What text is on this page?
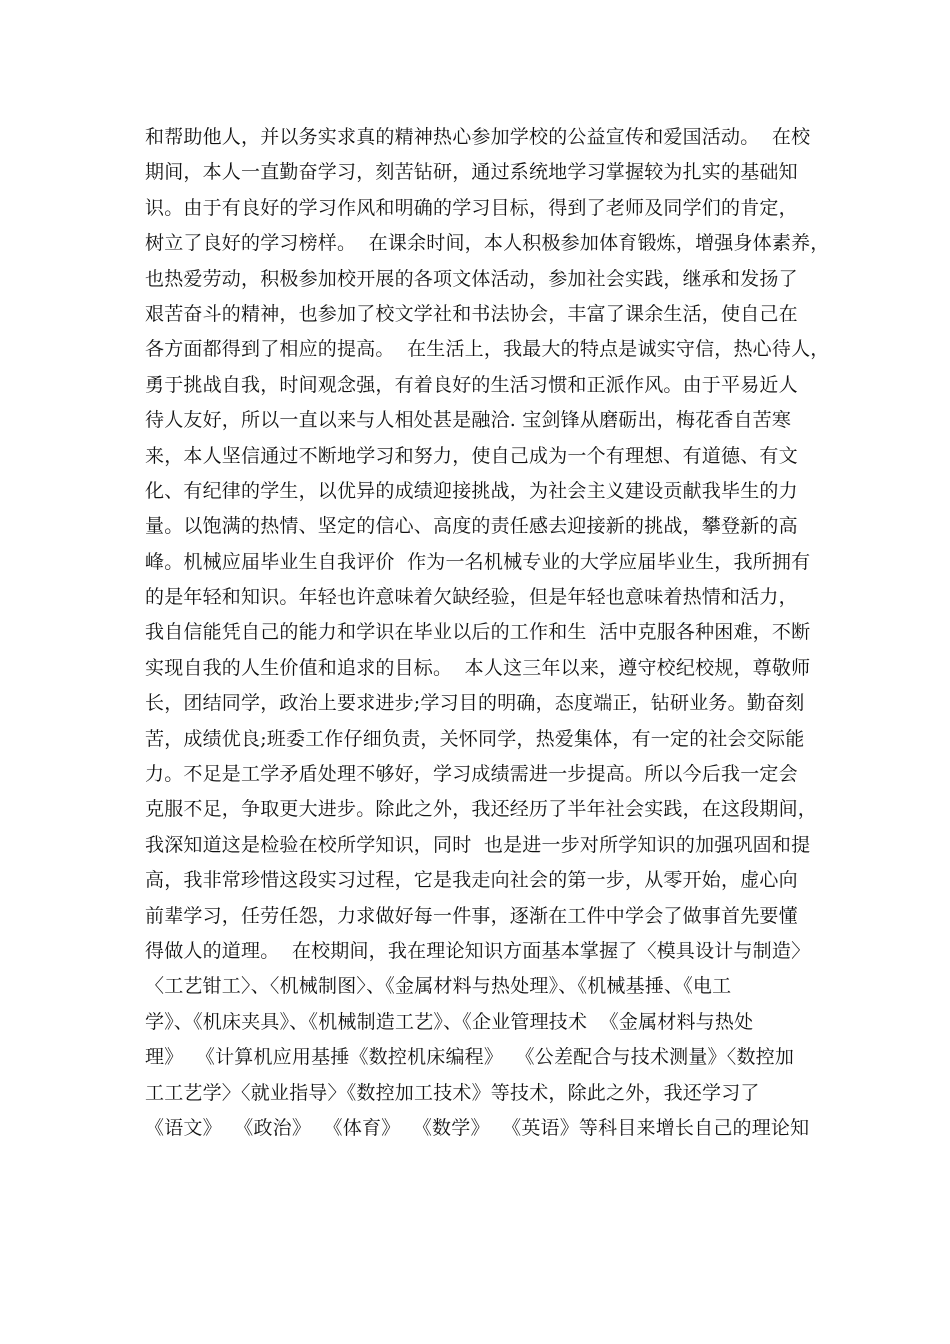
和帮助他人，并以务实求真的精神热心参加学校的公益宣传和爱国活动。  在校
期间，本人一直勤奋学习，刻苦钻研，通过系统地学习掌握较为扎实的基础知
识。由于有良好的学习作风和明确的学习目标，得到了老师及同学们的肯定，
树立了良好的学习榜样。  在课余时间，本人积极参加体育锻炼，增强身体素养，
也热爱劳动，积极参加校开展的各项文体活动，参加社会实践，继承和发扬了
艰苦奋斗的精神，也参加了校文学社和书法协会，丰富了课余生活，使自己在
各方面都得到了相应的提高。  在生活上，我最大的特点是诚实守信，热心待人，
勇于挑战自我，时间观念强，有着良好的生活习惯和正派作风。由于平易近人
待人友好，所以一直以来与人相处甚是融洽. 宝剑锋从磨砺出，梅花香自苦寒
来，本人坚信通过不断地学习和努力，使自己成为一个有理想、有道德、有文
化、有纪律的学生，以优异的成绩迎接挑战，为社会主义建设贡献我毕生的力
量。以饱满的热情、坚定的信心、高度的责任感去迎接新的挑战，攀登新的高
峰。机械应届毕业生自我评价  作为一名机械专业的大学应届毕业生，我所拥有
的是年轻和知识。年轻也许意味着欠缺经验，但是年轻也意味着热情和活力，
我自信能凭自己的能力和学识在毕业以后的工作和生  活中克服各种困难，不断
实现自我的人生价值和追求的目标。  本人这三年以来，遵守校纪校规，尊敬师
长，团结同学，政治上要求进步;学习目的明确，态度端正，钻研业务。勤奋刻
苦，成绩优良;班委工作仔细负责，关怀同学，热爱集体，有一定的社会交际能
力。不足是工学矛盾处理不够好，学习成绩需进一步提高。所以今后我一定会
克服不足，争取更大进步。除此之外，我还经历了半年社会实践，在这段期间，
我深知道这是检验在校所学知识，同时  也是进一步对所学知识的加强巩固和提
高，我非常珍惜这段实习过程，它是我走向社会的第一步，从零开始，虚心向
前辈学习，任劳任怨，力求做好每一件事，逐渐在工件中学会了做事首先要懂
得做人的道理。  在校期间，我在理论知识方面基本掌握了〈模具设计与制造〉
〈工艺钳工〉、〈机械制图〉、《金属材料与热处理》、《机械基捶、《电工
学》、《机床夹具》、《机械制造工艺》、《企业管理技术  《金属材料与热处
理》  《计算机应用基捶《数控机床编程》  《公差配合与技术测量》〈数控加
工工艺学〉〈就业指导〉《数控加工技术》等技术，除此之外，我还学习了
《语文》  《政治》  《体育》  《数学》  《英语》等科目来增长自己的理论知
